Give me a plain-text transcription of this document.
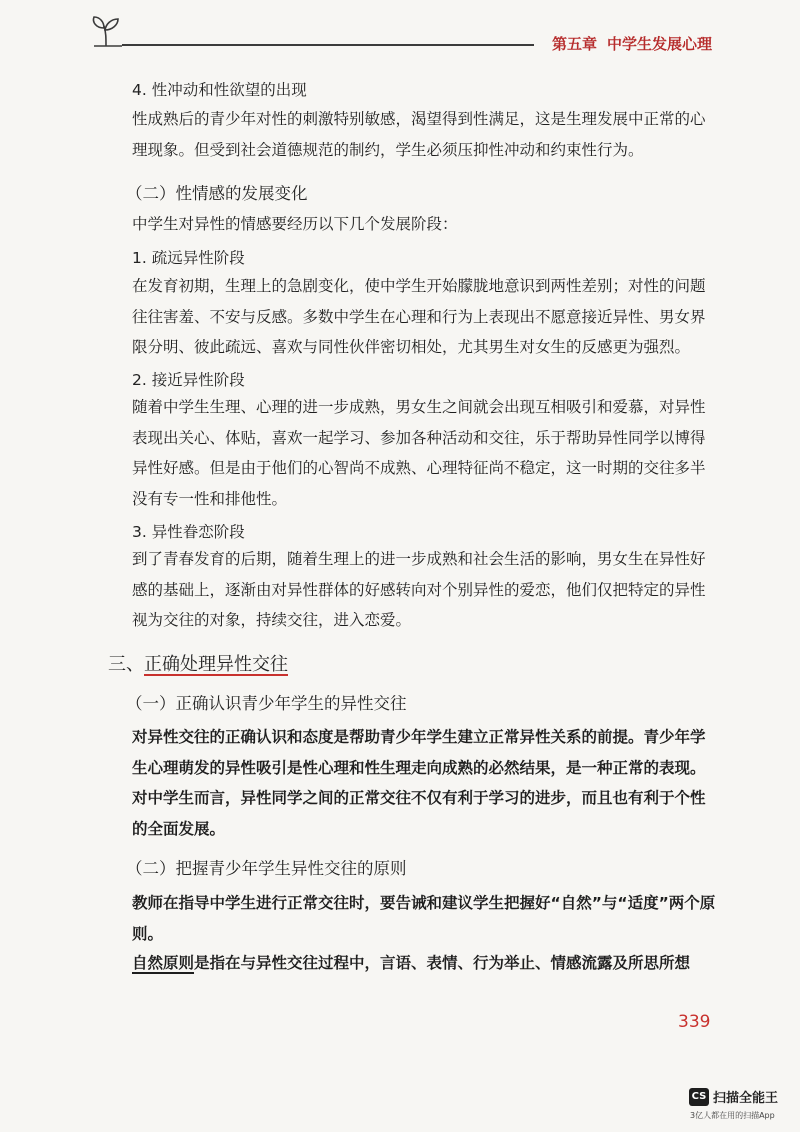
第五章 中学生发展心理
4. 性冲动和性欲望的出现

性成熟后的青少年对性的刺激特别敏感，渴望得到性满足，这是生理发展中正常的心理现象。但受到社会道德规范的制约，学生必须压抑性冲动和约束性行为。

（二）性情感的发展变化
中学生对异性的情感要经历以下几个发展阶段：
1. 疏远异性阶段
在发育初期，生理上的急剧变化，使中学生开始朦胧地意识到两性差别；对性的问题往往害羞、不安与反感。多数中学生在心理和行为上表现出不愿意接近异性、男女界限分明、彼此疏远、喜欢与同性伙伴密切相处，尤其男生对女生的反感更为强烈。
2. 接近异性阶段
随着中学生生理、心理的进一步成熟，男女生之间就会出现互相吸引和爱慕，对异性表现出关心、体贴，喜欢一起学习、参加各种活动和交往，乐于帮助异性同学以博得异性好感。但是由于他们的心智尚不成熟、心理特征尚不稳定，这一时期的交往多半没有专一性和排他性。
3. 异性眷恋阶段
到了青春发育的后期，随着生理上的进一步成熟和社会生活的影响，男女生在异性好感的基础上，逐渐由对异性群体的好感转向对个别异性的爱恋，他们仅把特定的异性视为交往的对象，持续交往，进入恋爱。
三、正确处理异性交往
（一）正确认识青少年学生的异性交往
对异性交往的正确认识和态度是帮助青少年学生建立正常异性关系的前提。青少年学生心理萌发的异性吸引是性心理和性生理走向成熟的必然结果，是一种正常的表现。对中学生而言，异性同学之间的正常交往不仅有利于学习的进步，而且也有利于个性的全面发展。
（二）把握青少年学生异性交往的原则
教师在指导中学生进行正常交往时，要告诫和建议学生把握好“自然”与“适度”两个原则。
自然原则是指在与异性交往过程中，言语、表情、行为举止、情感流露及所思所想
339
CS 扫描全能王
3亿人都在用的扫描App
